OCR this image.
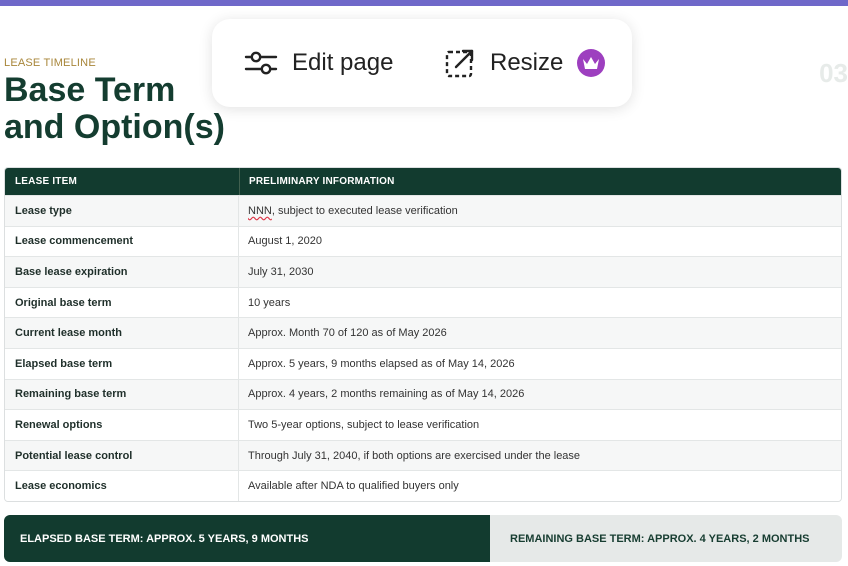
LEASE TIMELINE
Base Term
and Option(s)
03
Edit page	Resize
LEASE ITEM	PRELIMINARY INFORMATION
Lease type	NNN, subject to executed lease verification
Lease commencement	August 1, 2020
Base lease expiration	July 31, 2030
Original base term	10 years
Current lease month	Approx. Month 70 of 120 as of May 2026
Elapsed base term	Approx. 5 years, 9 months elapsed as of May 14, 2026
Remaining base term	Approx. 4 years, 2 months remaining as of May 14, 2026
Renewal options	Two 5-year options, subject to lease verification
Potential lease control	Through July 31, 2040, if both options are exercised under the lease
Lease economics	Available after NDA to qualified buyers only
ELAPSED BASE TERM: APPROX. 5 YEARS, 9 MONTHS	REMAINING BASE TERM: APPROX. 4 YEARS, 2 MONTHS
